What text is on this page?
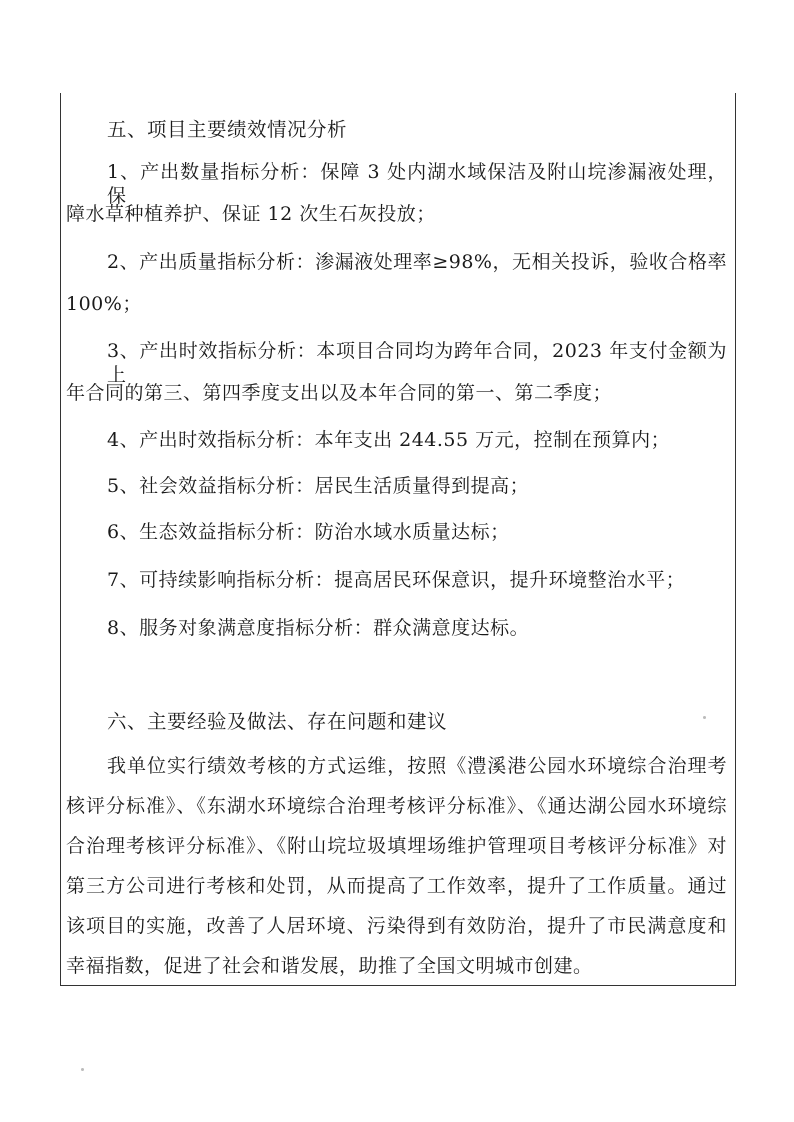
五、项目主要绩效情况分析
1、产出数量指标分析：保障 3 处内湖水域保洁及附山垸渗漏液处理，保
障水草种植养护、保证 12 次生石灰投放；
2、产出质量指标分析：渗漏液处理率≥98%，无相关投诉，验收合格率
100%；
3、产出时效指标分析：本项目合同均为跨年合同，2023 年支付金额为上
年合同的第三、第四季度支出以及本年合同的第一、第二季度；
4、产出时效指标分析：本年支出 244.55 万元，控制在预算内；
5、社会效益指标分析：居民生活质量得到提高；
6、生态效益指标分析：防治水域水质量达标；
7、可持续影响指标分析：提高居民环保意识，提升环境整治水平；
8、服务对象满意度指标分析：群众满意度达标。
六、主要经验及做法、存在问题和建议
我单位实行绩效考核的方式运维，按照《澧溪港公园水环境综合治理考
核评分标准》、《东湖水环境综合治理考核评分标准》、《通达湖公园水环境综
合治理考核评分标准》、《附山垸垃圾填埋场维护管理项目考核评分标准》对
第三方公司进行考核和处罚，从而提高了工作效率，提升了工作质量。通过
该项目的实施，改善了人居环境、污染得到有效防治，提升了市民满意度和
幸福指数，促进了社会和谐发展，助推了全国文明城市创建。
